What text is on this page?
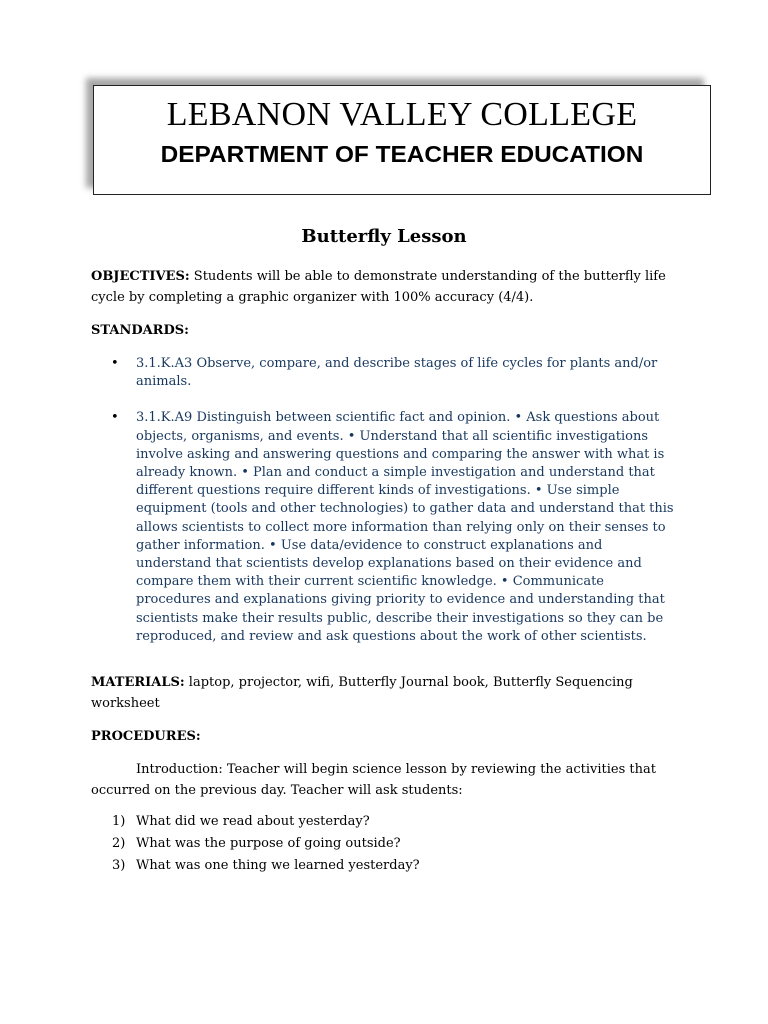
LEBANON VALLEY COLLEGE
DEPARTMENT OF TEACHER EDUCATION
Butterfly Lesson

OBJECTIVES: Students will be able to demonstrate understanding of the butterfly life cycle by completing a graphic organizer with 100% accuracy (4/4).

STANDARDS:

• 3.1.K.A3 Observe, compare, and describe stages of life cycles for plants and/or animals.
• 3.1.K.A9 Distinguish between scientific fact and opinion. • Ask questions about objects, organisms, and events. • Understand that all scientific investigations involve asking and answering questions and comparing the answer with what is already known. • Plan and conduct a simple investigation and understand that different questions require different kinds of investigations. • Use simple equipment (tools and other technologies) to gather data and understand that this allows scientists to collect more information than relying only on their senses to gather information. • Use data/evidence to construct explanations and understand that scientists develop explanations based on their evidence and compare them with their current scientific knowledge. • Communicate procedures and explanations giving priority to evidence and understanding that scientists make their results public, describe their investigations so they can be reproduced, and review and ask questions about the work of other scientists.

MATERIALS: laptop, projector, wifi, Butterfly Journal book, Butterfly Sequencing worksheet

PROCEDURES:

Introduction: Teacher will begin science lesson by reviewing the activities that occurred on the previous day. Teacher will ask students:

1) What did we read about yesterday?
2) What was the purpose of going outside?
3) What was one thing we learned yesterday?
